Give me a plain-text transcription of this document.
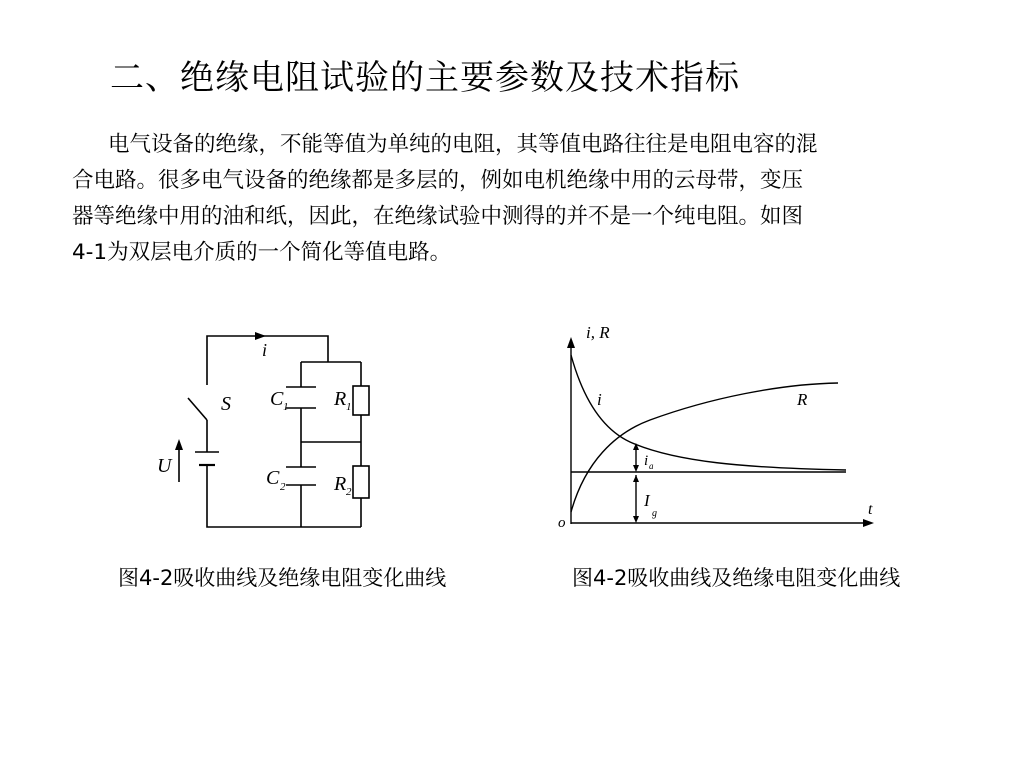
二、绝缘电阻试验的主要参数及技术指标
电气设备的绝缘，不能等值为单纯的电阻，其等值电路往往是电阻电容的混
合电路。很多电气设备的绝缘都是多层的，例如电机绝缘中用的云母带，变压
器等绝缘中用的油和纸，因此，在绝缘试验中测得的并不是一个纯电阻。如图
4-1为双层电介质的一个简化等值电路。
i
S
U
C 1 R 1
C 2 R 2
i, R
t
o
i	R
i a
I
g
图4-2吸收曲线及绝缘电阻变化曲线	图4-2吸收曲线及绝缘电阻变化曲线
